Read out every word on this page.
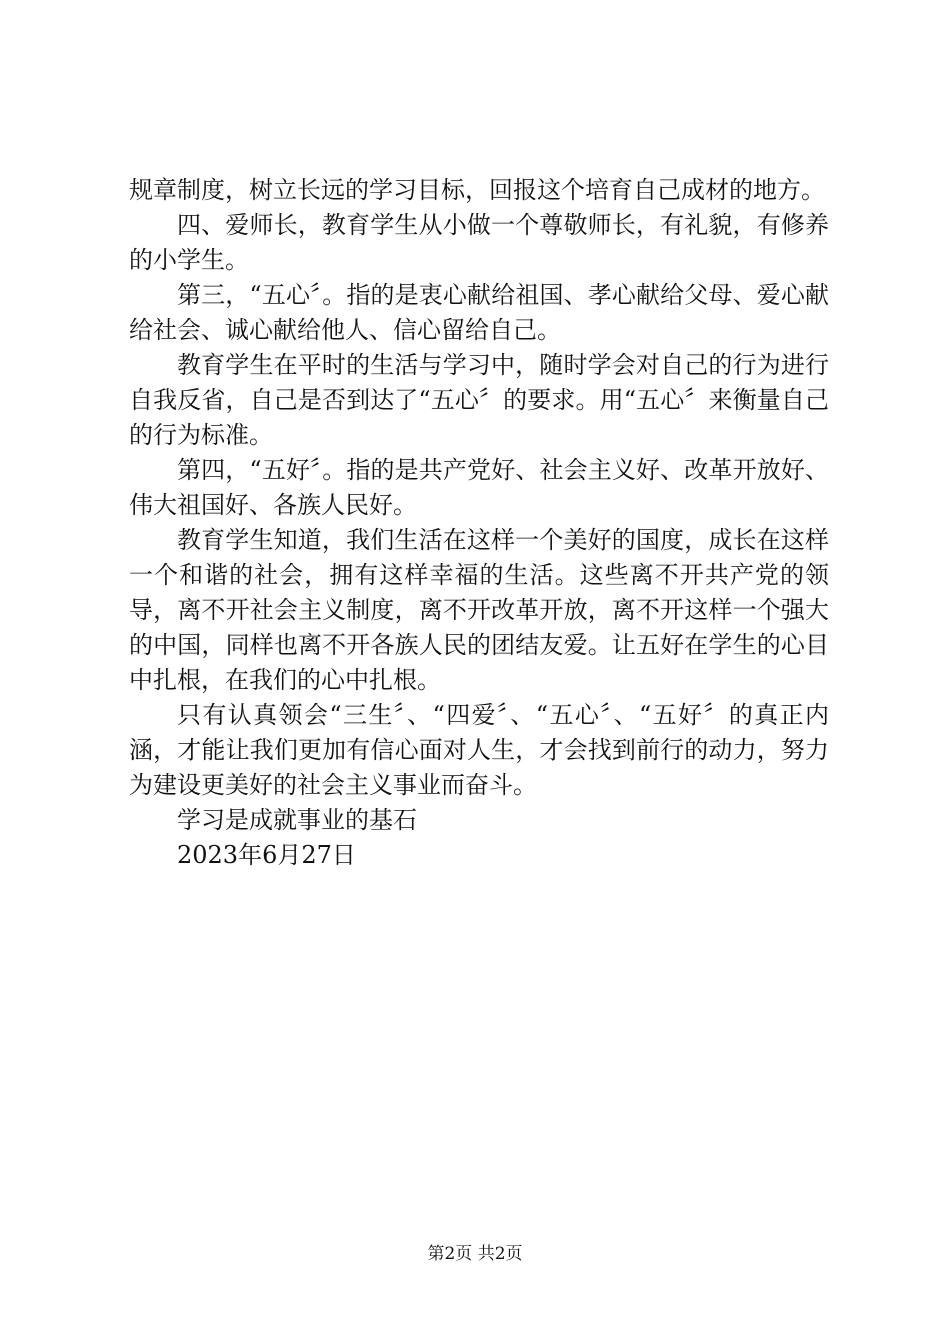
规章制度，树立长远的学习目标，回报这个培育自己成材的地方。

四、爱师长，教育学生从小做一个尊敬师长，有礼貌，有修养的小学生。

第三，“五心〞。指的是衷心献给祖国、孝心献给父母、爱心献给社会、诚心献给他人、信心留给自己。

教育学生在平时的生活与学习中，随时学会对自己的行为进行自我反省，自己是否到达了“五心〞的要求。用“五心〞来衡量自己的行为标准。

第四，“五好〞。指的是共产党好、社会主义好、改革开放好、伟大祖国好、各族人民好。

教育学生知道，我们生活在这样一个美好的国度，成长在这样一个和谐的社会，拥有这样幸福的生活。这些离不开共产党的领导，离不开社会主义制度，离不开改革开放，离不开这样一个强大的中国，同样也离不开各族人民的团结友爱。让五好在学生的心目中扎根，在我们的心中扎根。

只有认真领会“三生〞、“四爱〞、“五心〞、“五好〞的真正内涵，才能让我们更加有信心面对人生，才会找到前行的动力，努力为建设更美好的社会主义事业而奋斗。

学习是成就事业的基石

2023年6月27日

第2页 共2页
